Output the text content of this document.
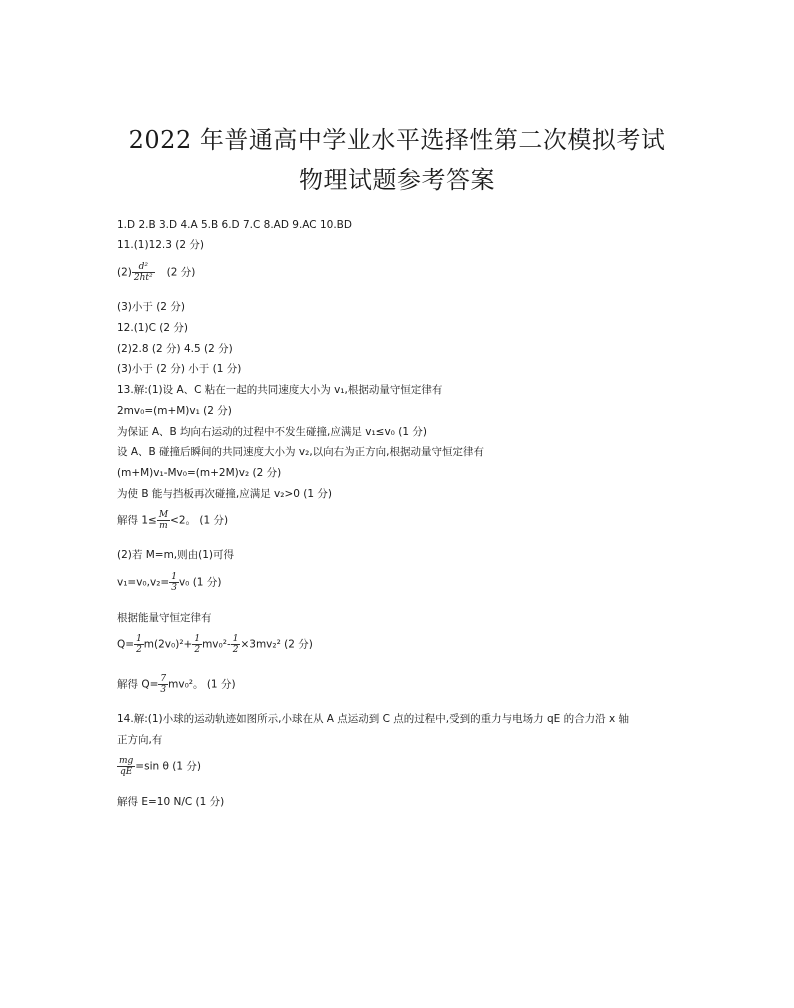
2022 年普通高中学业水平选择性第二次模拟考试
物理试题参考答案
1.D 2.B 3.D 4.A 5.B 6.D 7.C 8.AD 9.AC 10.BD
11.(1)12.3 (2 分)
$(2) \frac{\text{d²}}{\text{2ht²}} (2$ 分)
(3)小于 (2 分)
12.(1)C (2 分)
(2)2.8 (2 分) 4.5 (2 分)
(3)小于 (2 分) 小于 (1 分)
13.解:(1)设 A、C 粘在一起的共同速度大小为 v₁,根据动量守恒定律有
2mv₀=(m+M)v₁ (2 分)
为保证 A、B 均向右运动的过程中不发生碰撞,应满足 v₁≤v₀ (1 分)
设 A、B 碰撞后瞬间的共同速度大小为 v₂,以向右为正方向,根据动量守恒定律有
(m+M)v₁-Mv₀=(m+2M)v₂ (2 分)
为使 B 能与挡板再次碰撞,应满足 v₂>0 (1 分)
解得 $1\le \frac{M}{m} <2$。 (1 分)
(2)若 M=m,则由(1)可得
$v_1=v_0,v_2= \frac{1}{3} v_0$ (1 分)
根据能量守恒定律有
$Q= \frac{1}{2} m(2v_0)^2+ \frac{1}{2} mv_0^2- \frac{1}{2} \times 3mv_2^2$ (2 分)
解得 $Q= \frac{7}{3} mv_0^2$。 (1 分)
14.解:(1)小球的运动轨迹如图所示,小球在从 A 点运动到 C 点的过程中,受到的重力与电场力 qE 的合力沿 x 轴
正方向,有
$\frac{mg}{qE} =\sin$ θ (1 分)
解得 E=10 N/C (1 分)
